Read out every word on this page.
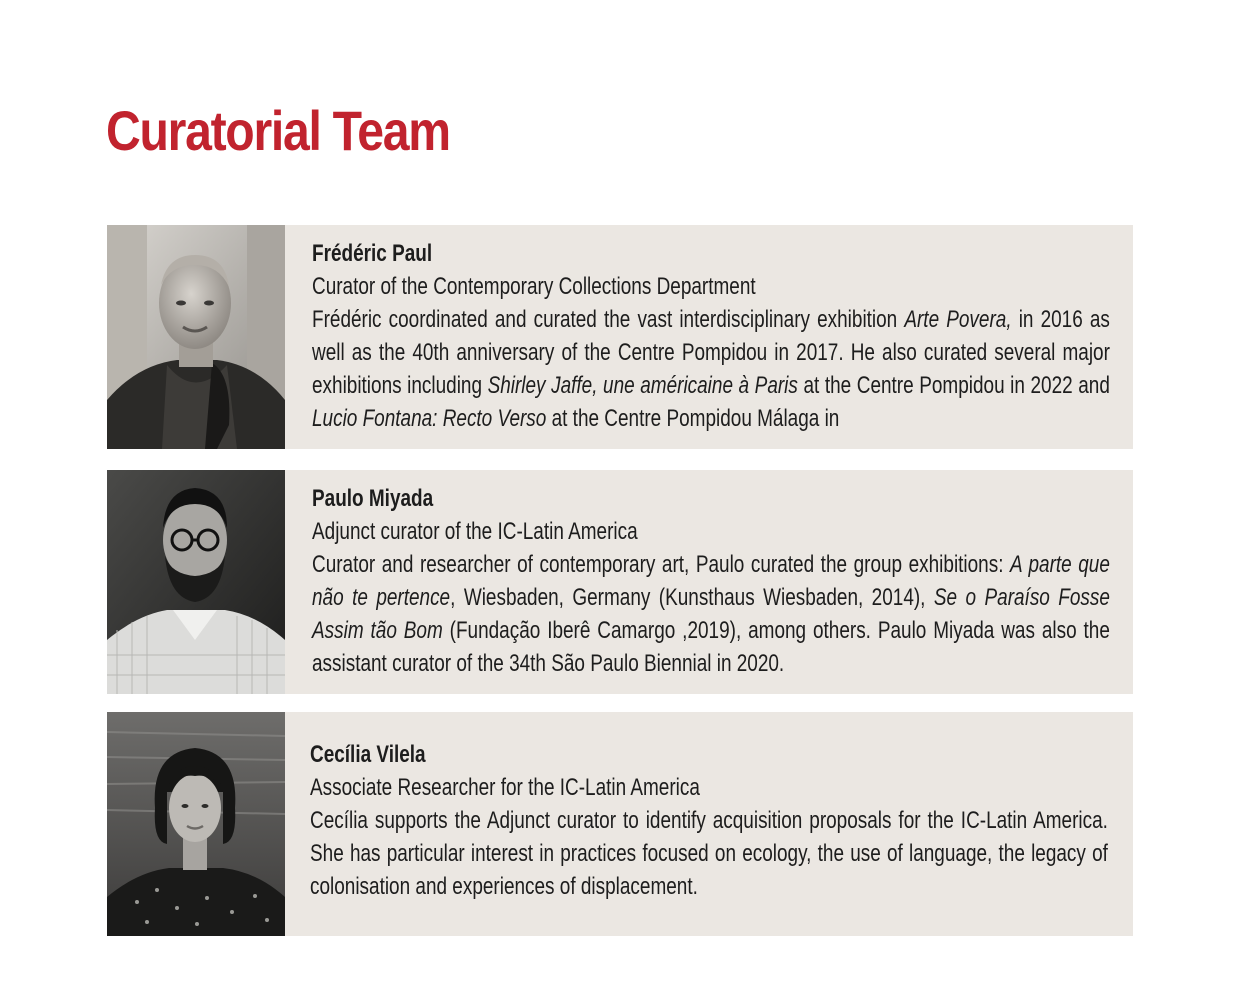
Curatorial Team
Frédéric Paul
Curator of the Contemporary Collections Department
Frédéric coordinated and curated the vast interdisciplinary exhibition Arte Povera, in 2016 as well as the 40th anniversary of the Centre Pompidou in 2017. He also curated several major exhibitions including Shirley Jaffe, une américaine à Paris at the Centre Pompidou in 2022 and Lucio Fontana: Recto Verso at the Centre Pompidou Málaga in
Paulo Miyada
Adjunct curator of the IC-Latin America
Curator and researcher of contemporary art, Paulo curated the group exhibitions: A parte que não te pertence, Wiesbaden, Germany (Kunsthaus Wiesbaden, 2014), Se o Paraíso Fosse Assim tão Bom (Fundação Iberê Camargo ,2019), among others. Paulo Miyada was also the assistant curator of the 34th São Paulo Biennial in 2020.
Cecília Vilela
Associate Researcher for the IC-Latin America
Cecília supports the Adjunct curator to identify acquisition proposals for the IC-Latin America. She has particular interest in practices focused on ecology, the use of language, the legacy of colonisation and experiences of displacement.
